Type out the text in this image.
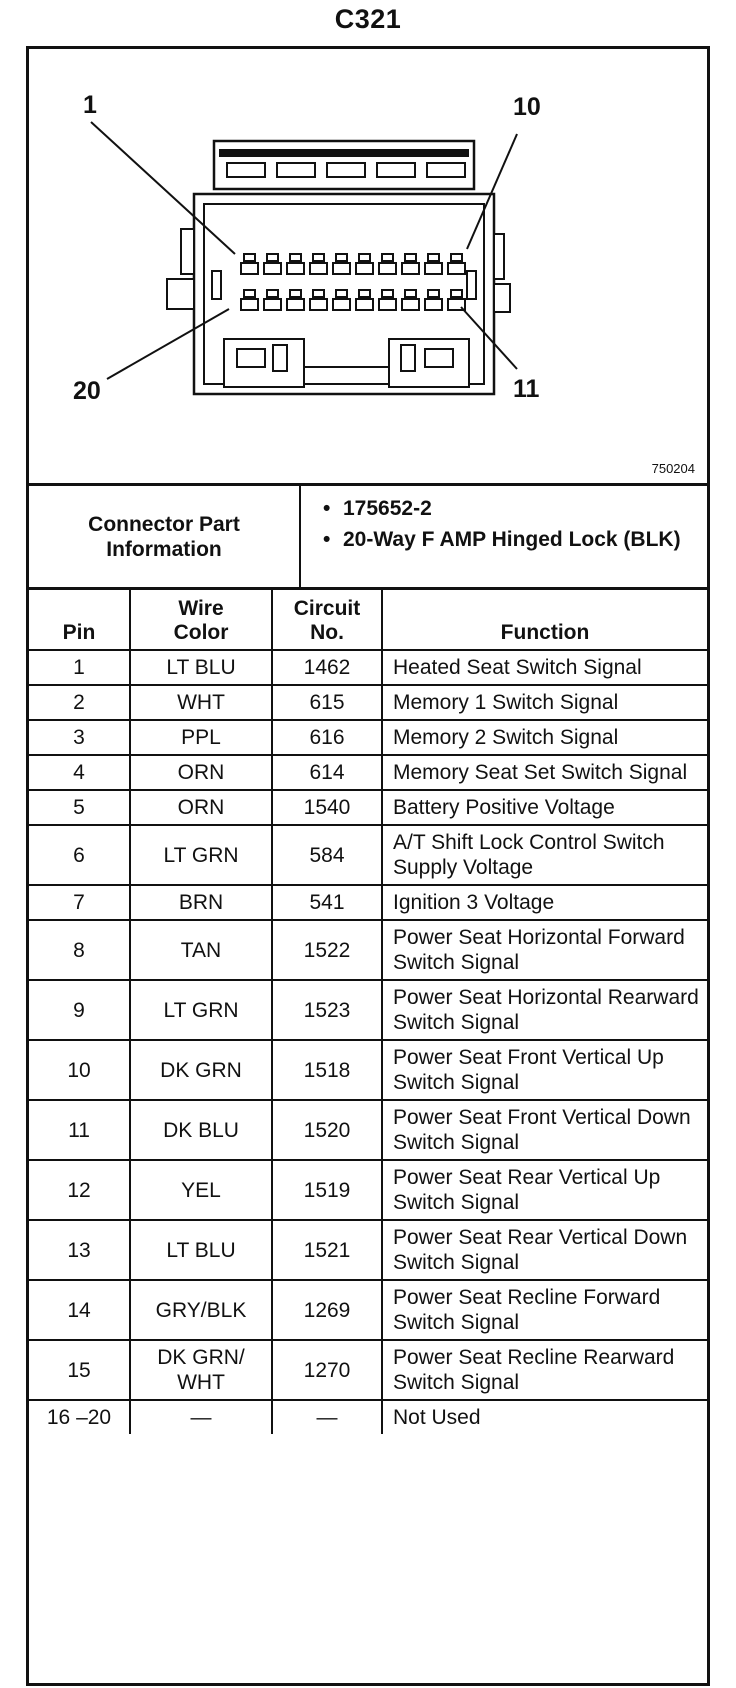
C321
1	10
20	11
750204
Connector Part Information
• 175652-2
• 20-Way F AMP Hinged Lock (BLK)
Pin	Wire Color	Circuit No.	Function
1	LT BLU	1462	Heated Seat Switch Signal
2	WHT	615	Memory 1 Switch Signal
3	PPL	616	Memory 2 Switch Signal
4	ORN	614	Memory Seat Set Switch Signal
5	ORN	1540	Battery Positive Voltage
6	LT GRN	584	A/T Shift Lock Control Switch Supply Voltage
7	BRN	541	Ignition 3 Voltage
8	TAN	1522	Power Seat Horizontal Forward Switch Signal
9	LT GRN	1523	Power Seat Horizontal Rearward Switch Signal
10	DK GRN	1518	Power Seat Front Vertical Up Switch Signal
11	DK BLU	1520	Power Seat Front Vertical Down Switch Signal
12	YEL	1519	Power Seat Rear Vertical Up Switch Signal
13	LT BLU	1521	Power Seat Rear Vertical Down Switch Signal
14	GRY/BLK	1269	Power Seat Recline Forward Switch Signal
15	DK GRN/ WHT	1270	Power Seat Recline Rearward Switch Signal
16 –20	—	—	Not Used
